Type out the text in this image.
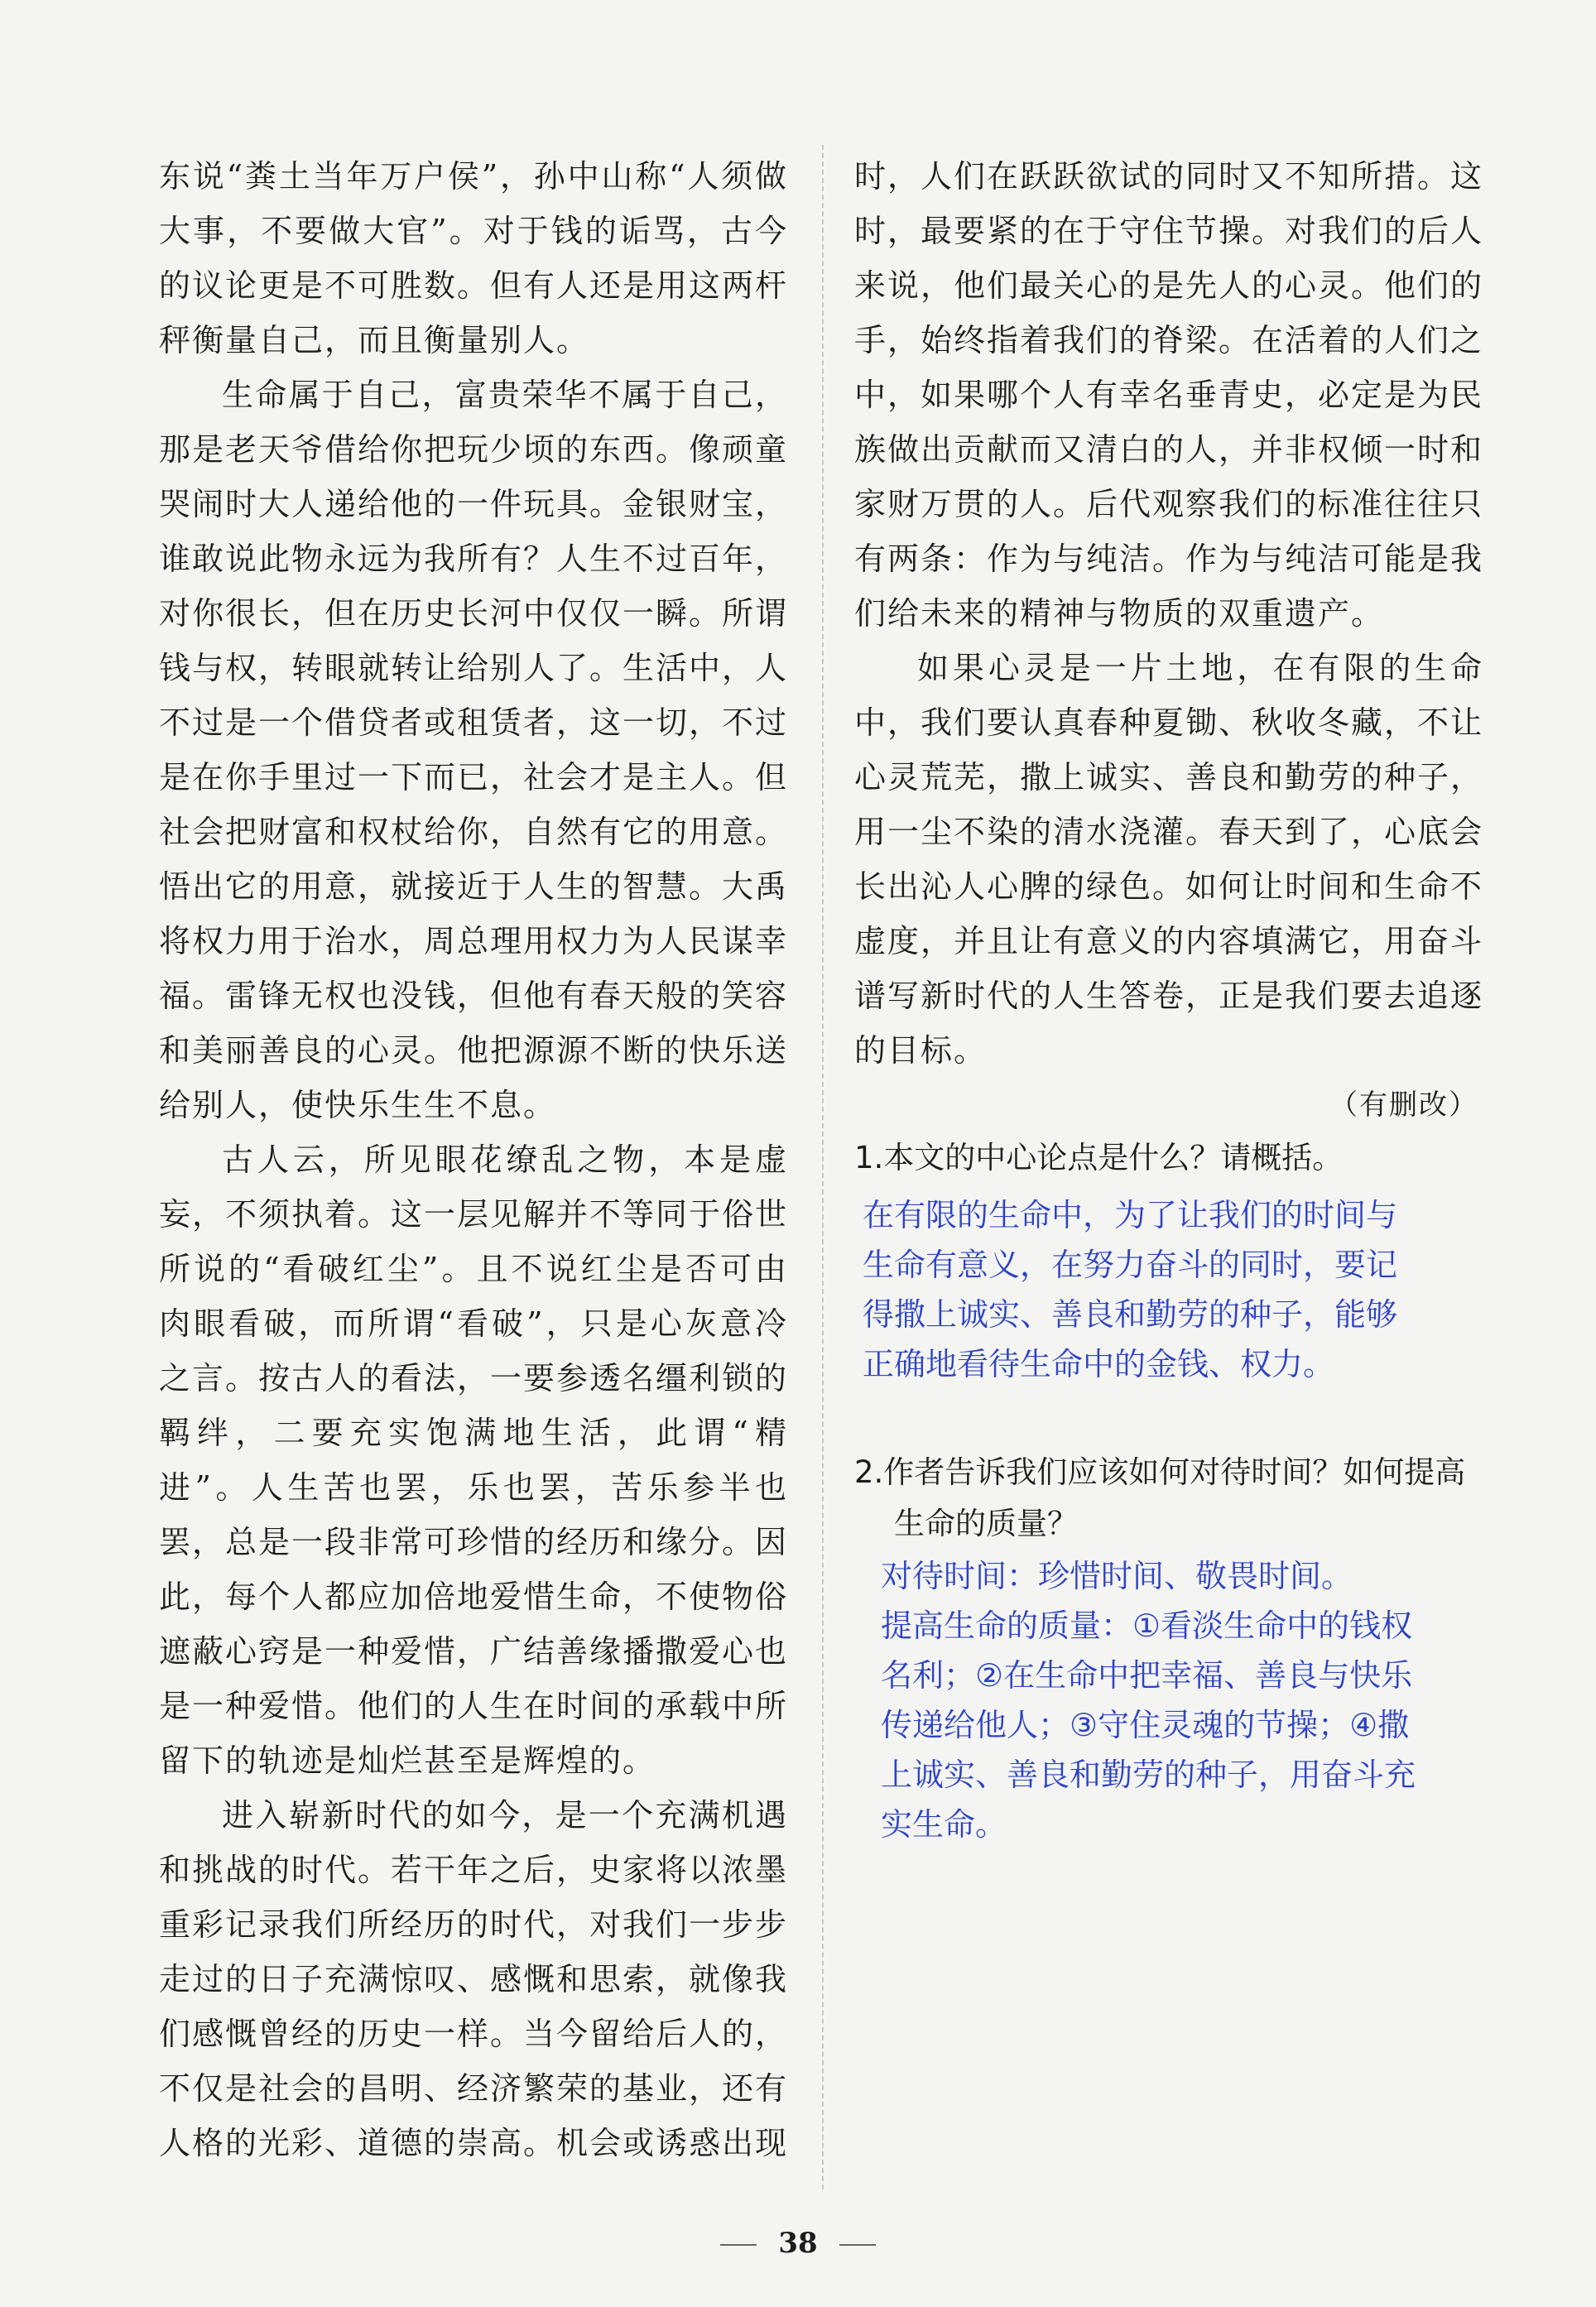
东说“粪土当年万户侯”，孙中山称“人须做大事，不要做大官”。对于钱的诟骂，古今的议论更是不可胜数。但有人还是用这两杆秤衡量自己，而且衡量别人。

生命属于自己，富贵荣华不属于自己，那是老天爷借给你把玩少顷的东西。像顽童哭闹时大人递给他的一件玩具。金银财宝，谁敢说此物永远为我所有？人生不过百年，对你很长，但在历史长河中仅仅一瞬。所谓钱与权，转眼就转让给别人了。生活中，人不过是一个借贷者或租赁者，这一切，不过是在你手里过一下而已，社会才是主人。但社会把财富和权杖给你，自然有它的用意。悟出它的用意，就接近于人生的智慧。大禹将权力用于治水，周总理用权力为人民谋幸福。雷锋无权也没钱，但他有春天般的笑容和美丽善良的心灵。他把源源不断的快乐送给别人，使快乐生生不息。

古人云，所见眼花缭乱之物，本是虚妄，不须执着。这一层见解并不等同于俗世所说的“看破红尘”。且不说红尘是否可由肉眼看破，而所谓“看破”，只是心灰意冷之言。按古人的看法，一要参透名缰利锁的羁绊，二要充实饱满地生活，此谓“精进”。人生苦也罢，乐也罢，苦乐参半也罢，总是一段非常可珍惜的经历和缘分。因此，每个人都应加倍地爱惜生命，不使物俗遮蔽心窍是一种爱惜，广结善缘播撒爱心也是一种爱惜。他们的人生在时间的承载中所留下的轨迹是灿烂甚至是辉煌的。

进入崭新时代的如今，是一个充满机遇和挑战的时代。若干年之后，史家将以浓墨重彩记录我们所经历的时代，对我们一步步走过的日子充满惊叹、感慨和思索，就像我们感慨曾经的历史一样。当今留给后人的，不仅是社会的昌明、经济繁荣的基业，还有人格的光彩、道德的崇高。机会或诱惑出现

时，人们在跃跃欲试的同时又不知所措。这时，最要紧的在于守住节操。对我们的后人来说，他们最关心的是先人的心灵。他们的手，始终指着我们的脊梁。在活着的人们之中，如果哪个人有幸名垂青史，必定是为民族做出贡献而又清白的人，并非权倾一时和家财万贯的人。后代观察我们的标准往往只有两条：作为与纯洁。作为与纯洁可能是我们给未来的精神与物质的双重遗产。

如果心灵是一片土地，在有限的生命中，我们要认真春种夏锄、秋收冬藏，不让心灵荒芜，撒上诚实、善良和勤劳的种子，用一尘不染的清水浇灌。春天到了，心底会长出沁人心脾的绿色。如何让时间和生命不虚度，并且让有意义的内容填满它，用奋斗谱写新时代的人生答卷，正是我们要去追逐的目标。

（有删改）

1.本文的中心论点是什么？请概括。

在有限的生命中，为了让我们的时间与
生命有意义，在努力奋斗的同时，要记
得撒上诚实、善良和勤劳的种子，能够
正确地看待生命中的金钱、权力。

2.作者告诉我们应该如何对待时间？如何提高生命的质量？

对待时间：珍惜时间、敬畏时间。
提高生命的质量：①看淡生命中的钱权
名利；②在生命中把幸福、善良与快乐
传递给他人；③守住灵魂的节操；④撒
上诚实、善良和勤劳的种子，用奋斗充
实生命。
38
